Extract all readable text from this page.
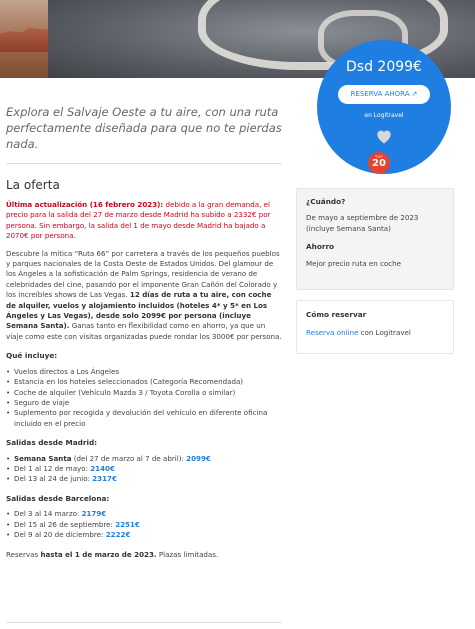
Dsd 2099€
RESERVA AHORA ↗
en Logitravel
Explora el Salvaje Oeste a tu aire, con una ruta perfectamente diseñada para que no te pierdas nada.
TOP
20
La oferta

Última actualización (16 febrero 2023): debido a la gran demanda, el precio para la salida del 27 de marzo desde Madrid ha subido a 2332€ por persona. Sin embargo, la salida del 1 de mayo desde Madrid ha bajado a 2070€ por persona.

Descubre la mítica “Ruta 66” por carretera a través de los pequeños pueblos y parques nacionales de la Costa Oeste de Estados Unidos. Del glamour de los Ángeles a la sofisticación de Palm Springs, residencia de verano de celebridades del cine, pasando por el imponente Gran Cañón del Colorado y los increíbles shows de Las Vegas. 12 días de ruta a tu aire, con coche de alquiler, vuelos y alojamiento incluidos (hoteles 4* y 5* en Los Ángeles y Las Vegas), desde solo 2099€ por persona (incluye Semana Santa). Ganas tanto en flexibilidad como en ahorro, ya que un viaje como este con visitas organizadas puede rondar los 3000€ por persona.

Qué incluye:
• Vuelos directos a Los Ángeles
• Estancia en los hoteles seleccionados (Categoría Recomendada)
• Coche de alquiler (Vehículo Mazda 3 / Toyota Corolla o similar)
• Seguro de viaje
• Suplemento por recogida y devolución del vehículo en diferente oficina incluido en el precio
Salidas desde Madrid:
• Semana Santa (del 27 de marzo al 7 de abril): 2099€
• Del 1 al 12 de mayo: 2140€
• Del 13 al 24 de junio: 2317€
Salidas desde Barcelona:
• Del 3 al 14 marzo: 2179€
• Del 15 al 26 de septiembre: 2251€
• Del 9 al 20 de diciembre: 2222€

Reservas hasta el 1 de marzo de 2023. Plazas limitadas.

¿Cuándo?
De mayo a septiembre de 2023 (incluye Semana Santa)
Ahorro
Mejor precio ruta en coche
Cómo reservar
Reserva online con Logitravel
